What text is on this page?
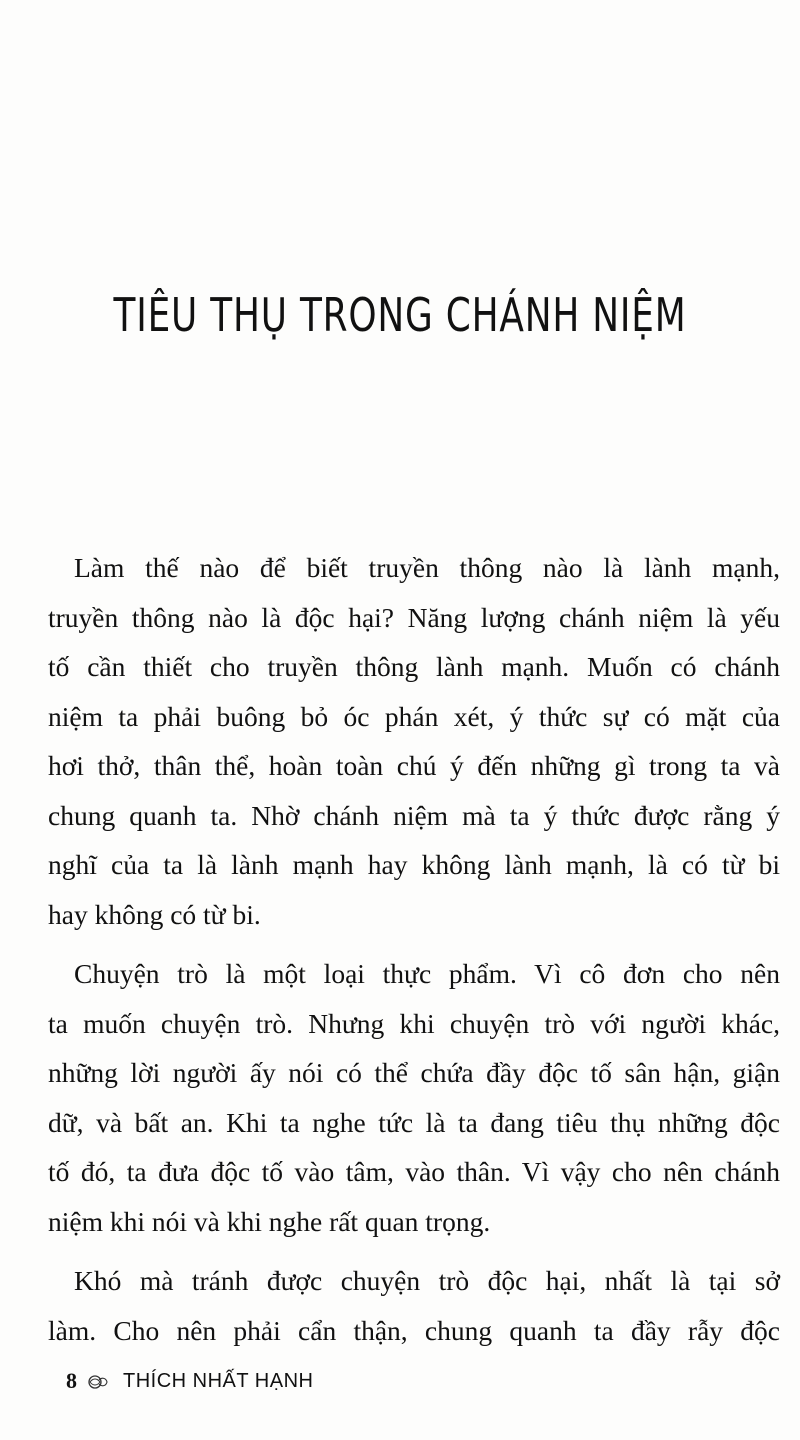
TIÊU THỤ TRONG CHÁNH NIỆM
Làm thế nào để biết truyền thông nào là lành mạnh,
truyền thông nào là độc hại? Năng lượng chánh niệm là yếu
tố cần thiết cho truyền thông lành mạnh. Muốn có chánh
niệm ta phải buông bỏ óc phán xét, ý thức sự có mặt của
hơi thở, thân thể, hoàn toàn chú ý đến những gì trong ta và
chung quanh ta. Nhờ chánh niệm mà ta ý thức được rằng ý
nghĩ của ta là lành mạnh hay không lành mạnh, là có từ bi
hay không có từ bi.
Chuyện trò là một loại thực phẩm. Vì cô đơn cho nên
ta muốn chuyện trò. Nhưng khi chuyện trò với người khác,
những lời người ấy nói có thể chứa đầy độc tố sân hận, giận
dữ, và bất an. Khi ta nghe tức là ta đang tiêu thụ những độc
tố đó, ta đưa độc tố vào tâm, vào thân. Vì vậy cho nên chánh
niệm khi nói và khi nghe rất quan trọng.
Khó mà tránh được chuyện trò độc hại, nhất là tại sở
làm. Cho nên phải cẩn thận, chung quanh ta đầy rẫy độc
8 THÍCH NHẤT HẠNH
